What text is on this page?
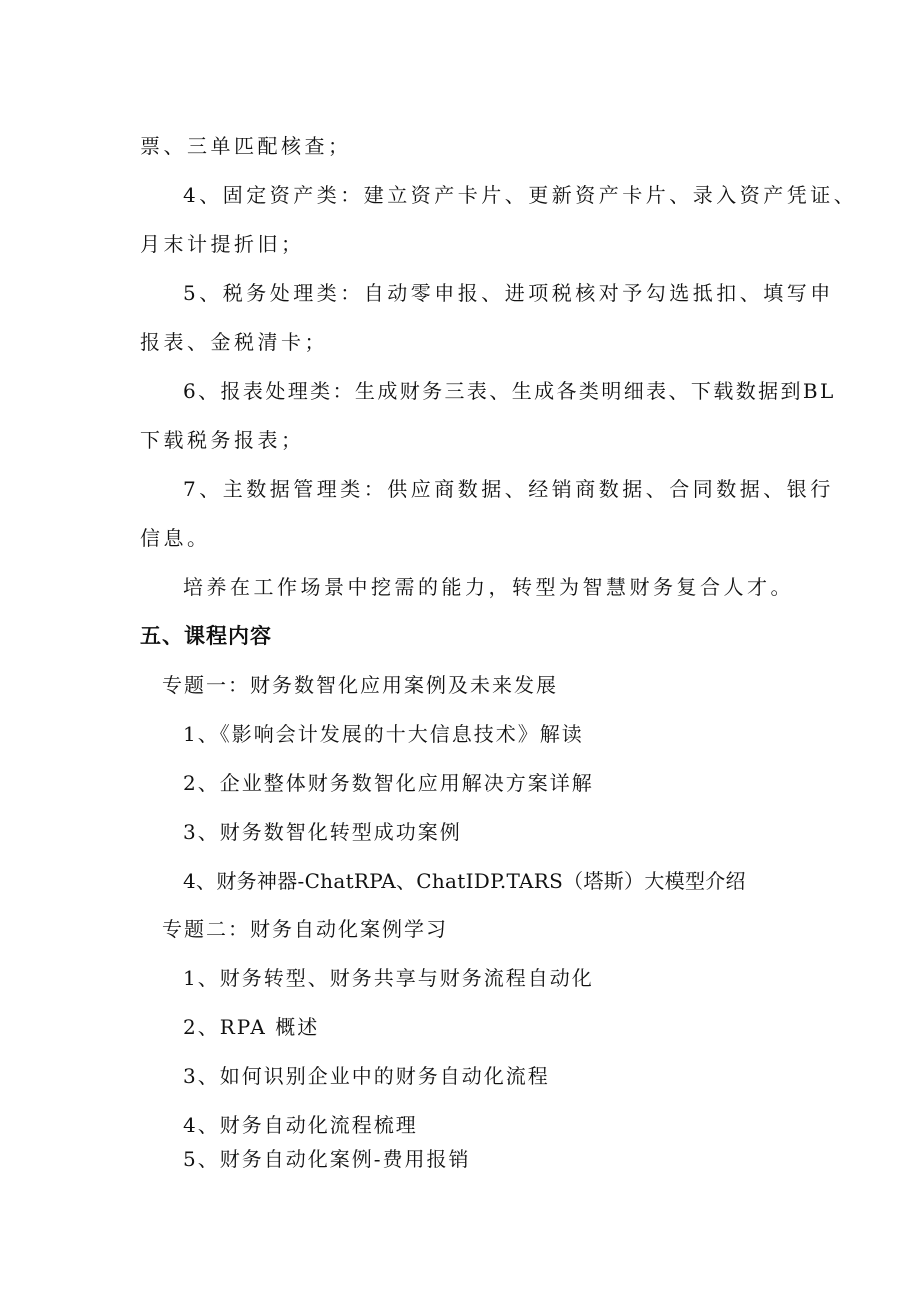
票、三单匹配核查；
4、固定资产类：建立资产卡片、更新资产卡片、录入资产凭证、
月末计提折旧；
5、税务处理类：自动零申报、进项税核对予勾选抵扣、填写申
报表、金税清卡；
6、报表处理类：生成财务三表、生成各类明细表、下载数据到BL
下载税务报表；
7、主数据管理类：供应商数据、经销商数据、合同数据、银行
信息。
培养在工作场景中挖需的能力，转型为智慧财务复合人才。
五、课程内容
专题一：财务数智化应用案例及未来发展
1、《影响会计发展的十大信息技术》解读
2、企业整体财务数智化应用解决方案详解
3、财务数智化转型成功案例
4、财务神器-ChatRPA、ChatIDP.TARS（塔斯）大模型介绍
专题二：财务自动化案例学习
1、财务转型、财务共享与财务流程自动化
2、RPA 概述
3、如何识别企业中的财务自动化流程
4、财务自动化流程梳理
5、财务自动化案例-费用报销
